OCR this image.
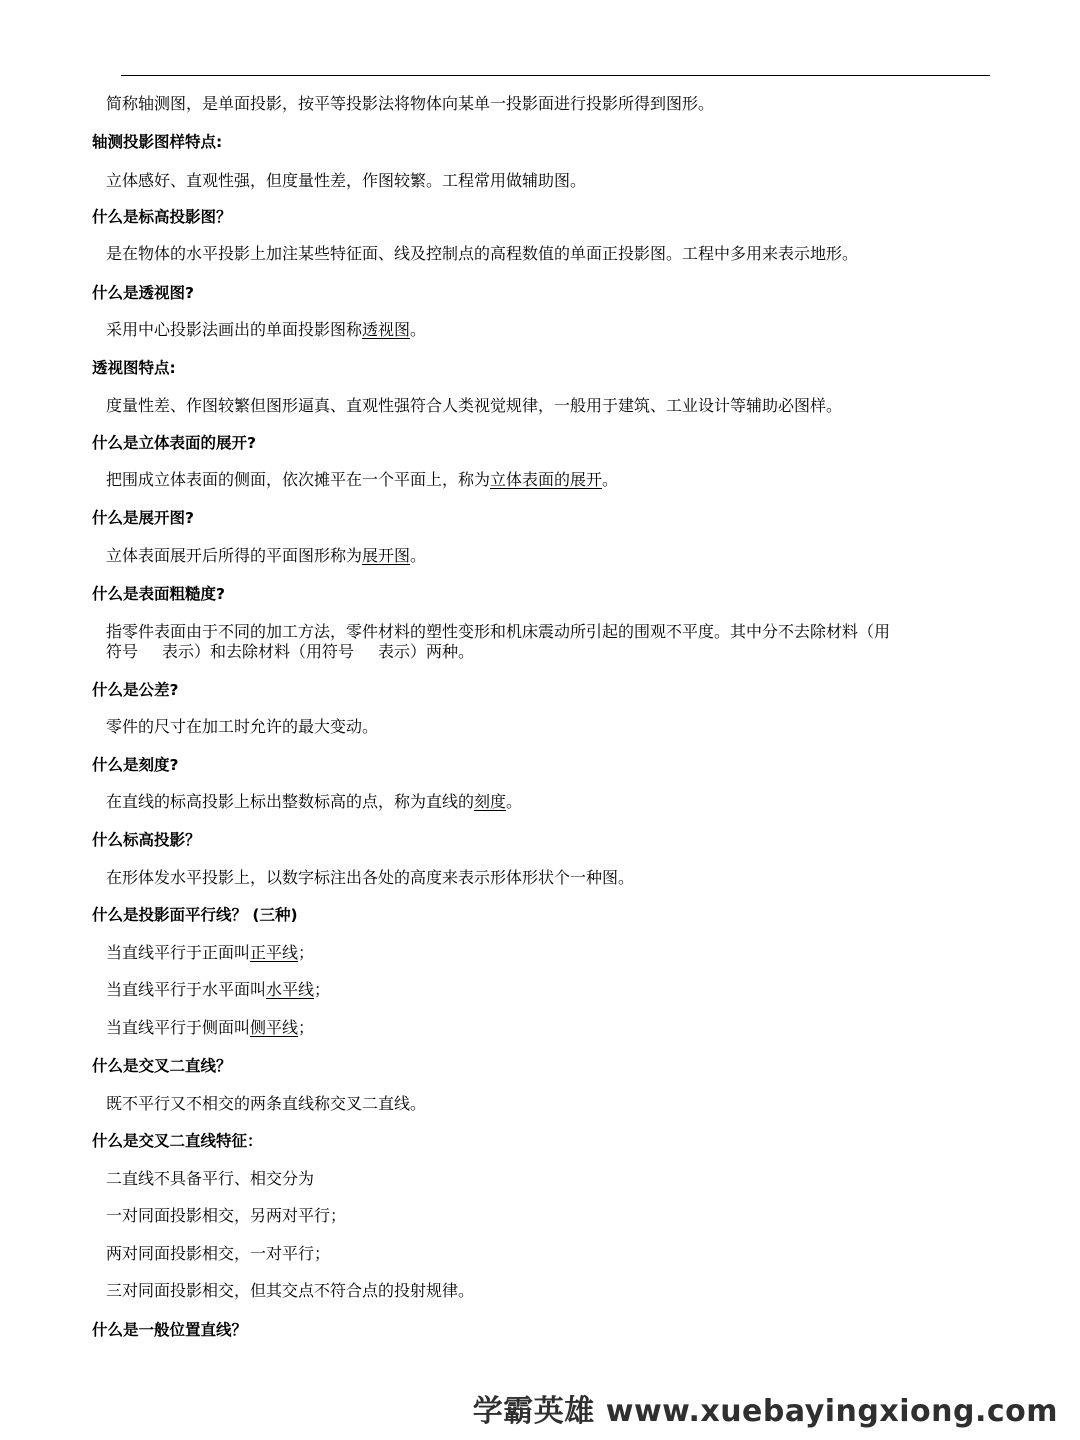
简称轴测图，是单面投影，按平等投影法将物体向某单一投影面进行投影所得到图形。
轴测投影图样特点:
立体感好、直观性强，但度量性差，作图较繁。工程常用做辅助图。
什么是标高投影图？
是在物体的水平投影上加注某些特征面、线及控制点的高程数值的单面正投影图。工程中多用来表示地形。
什么是透视图?
采用中心投影法画出的单面投影图称透视图。
透视图特点:
度量性差、作图较繁但图形逼真、直观性强符合人类视觉规律，一般用于建筑、工业设计等辅助必图样。
什么是立体表面的展开?
把围成立体表面的侧面，依次摊平在一个平面上，称为立体表面的展开。
什么是展开图?
立体表面展开后所得的平面图形称为展开图。
什么是表面粗糙度?
指零件表面由于不同的加工方法，零件材料的塑性变形和机床震动所引起的围观不平度。其中分不去除材料（用
符号 表示）和去除材料（用符号 表示）两种。
什么是公差?
零件的尺寸在加工时允许的最大变动。
什么是刻度?
在直线的标高投影上标出整数标高的点，称为直线的刻度。
什么标高投影？
在形体发水平投影上，以数字标注出各处的高度来表示形体形状个一种图。
什么是投影面平行线？ (三种)
当直线平行于正面叫正平线；
当直线平行于水平面叫水平线；
当直线平行于侧面叫侧平线；
什么是交叉二直线？
既不平行又不相交的两条直线称交叉二直线。
什么是交叉二直线特征：
二直线不具备平行、相交分为
一对同面投影相交，另两对平行；
两对同面投影相交，一对平行；
三对同面投影相交，但其交点不符合点的投射规律。
什么是一般位置直线？
学霸英雄 www.xuebayingxiong.com
